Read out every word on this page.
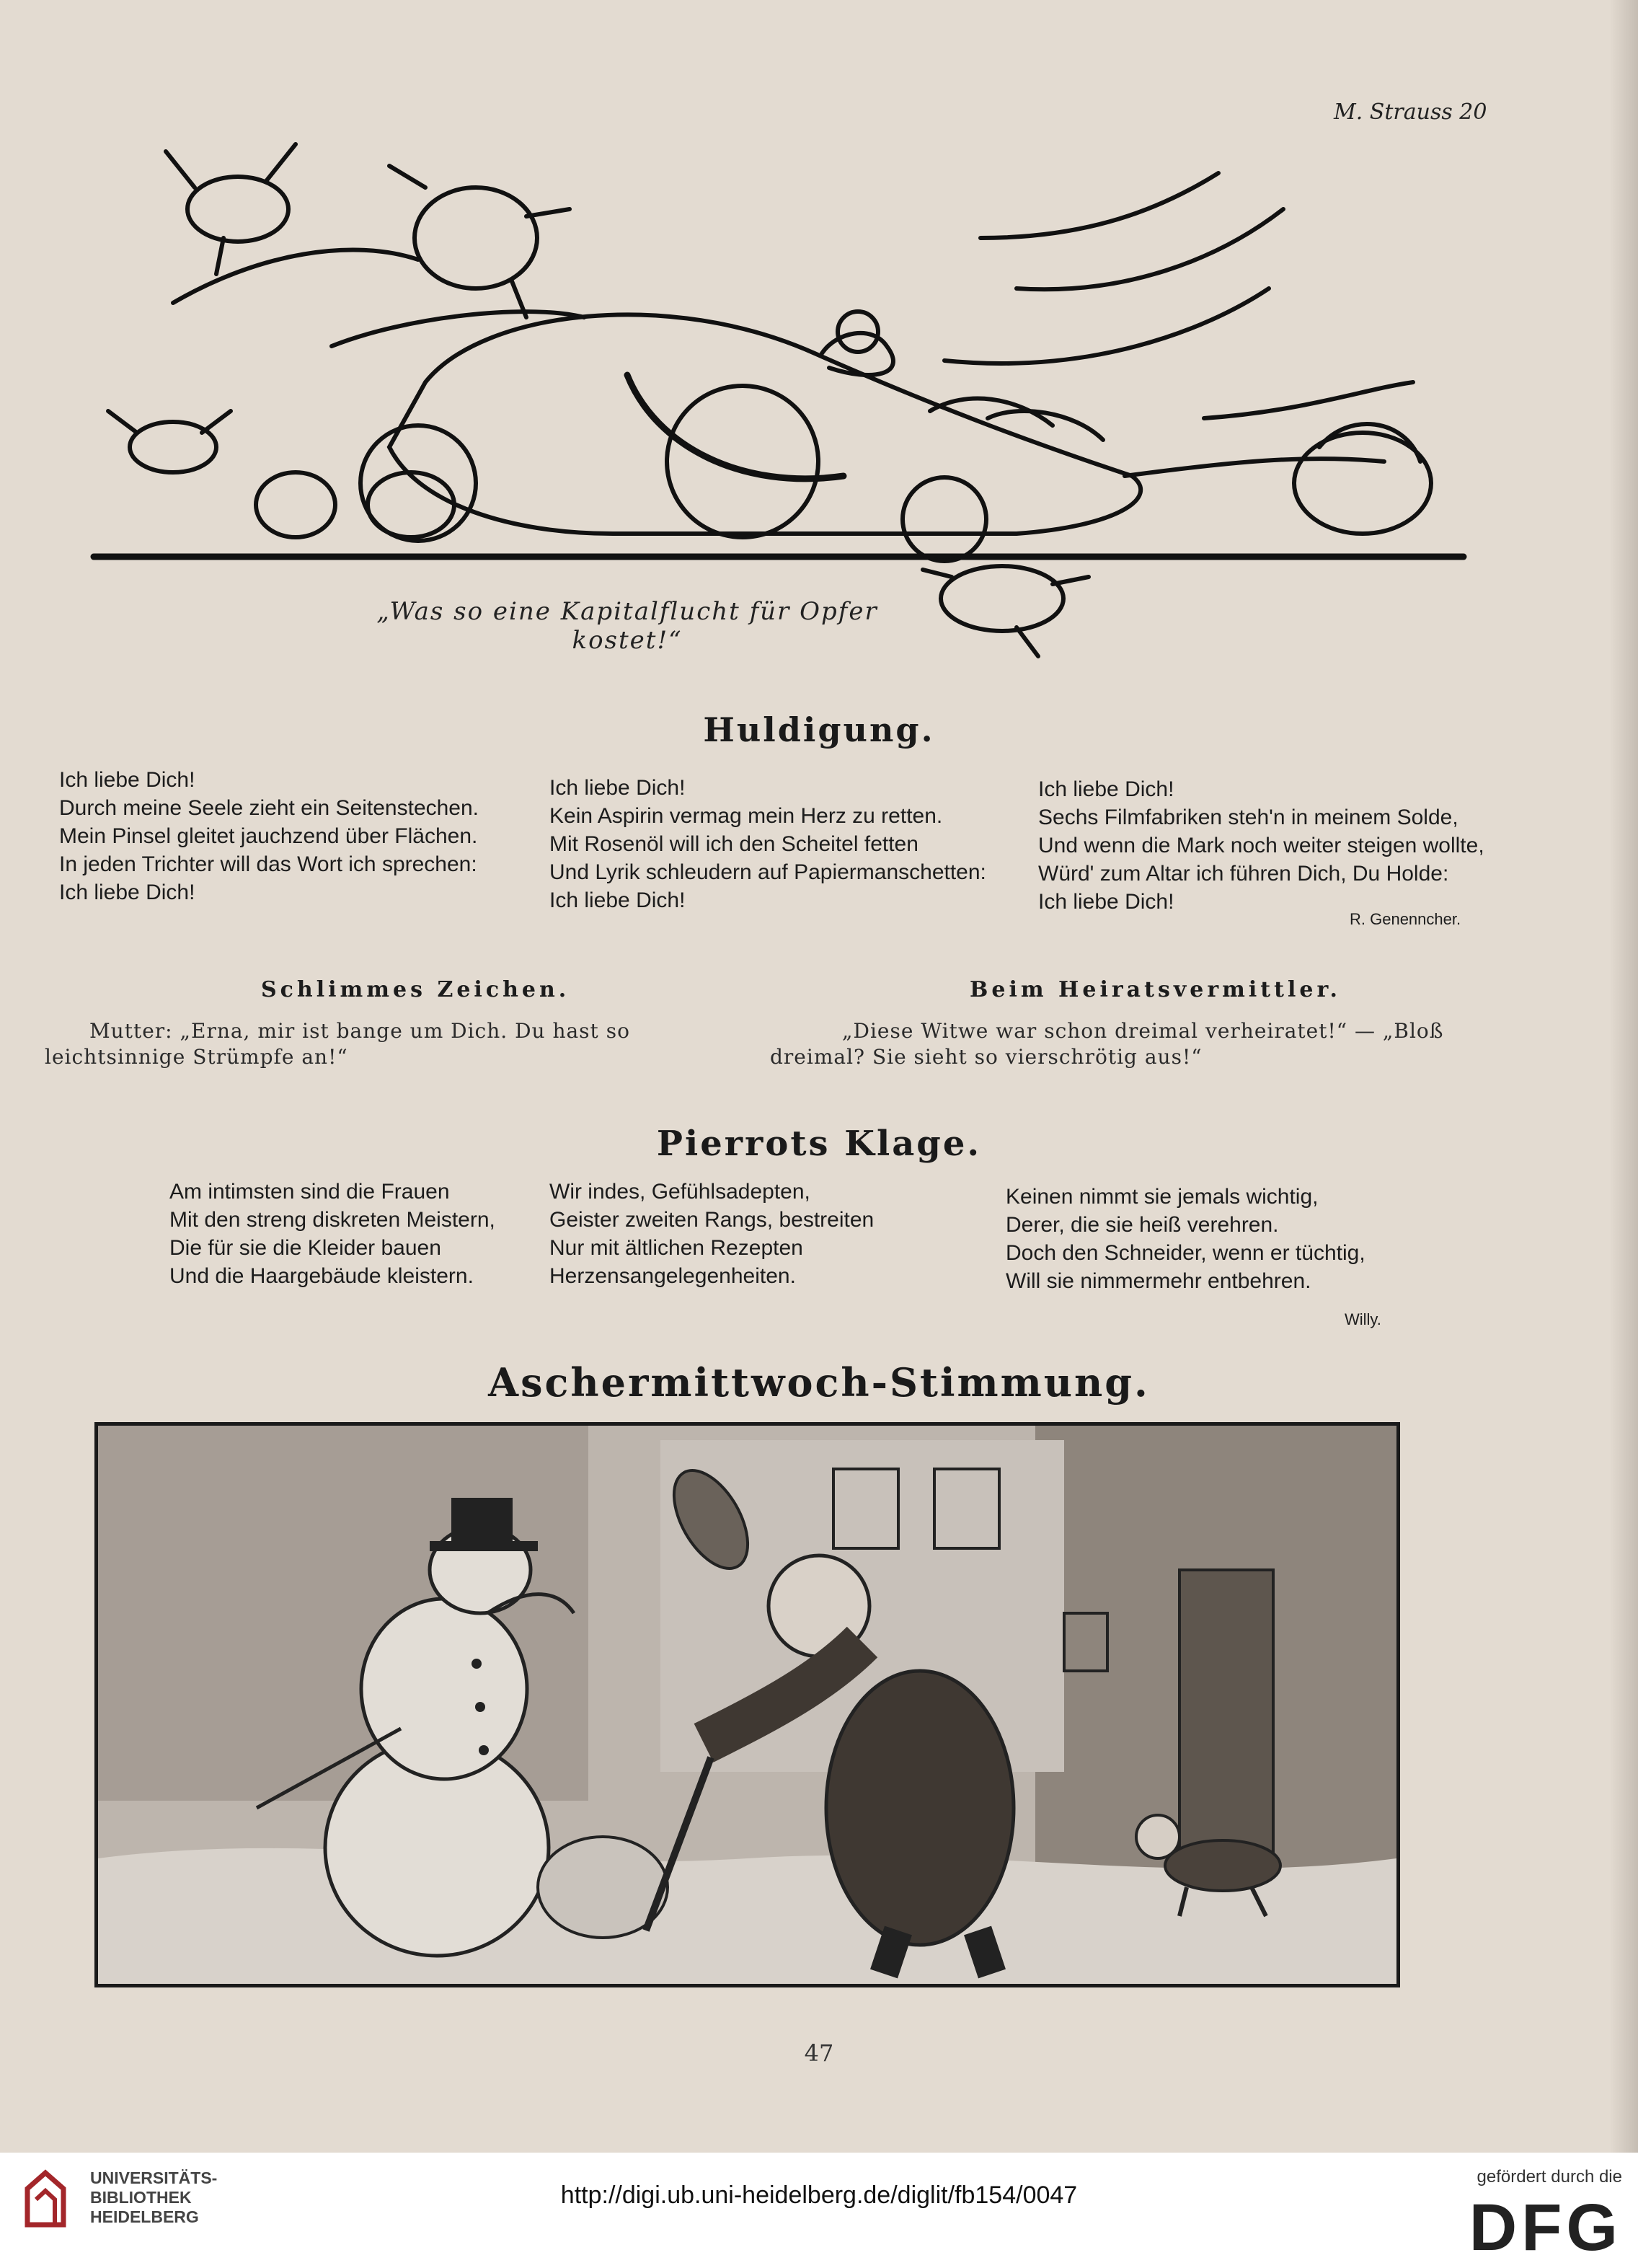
M. Strauss 20
„Was so eine Kapitalflucht für Opfer kostet!“
Huldigung.
Ich liebe Dich!
Durch meine Seele zieht ein Seitenstechen.
Mein Pinsel gleitet jauchzend über Flächen.
In jeden Trichter will das Wort ich sprechen:
Ich liebe Dich!
Ich liebe Dich!
Kein Aspirin vermag mein Herz zu retten.
Mit Rosenöl will ich den Scheitel fetten
Und Lyrik schleudern auf Papiermanschetten:
Ich liebe Dich!
Ich liebe Dich!
Sechs Filmfabriken steh'n in meinem Solde,
Und wenn die Mark noch weiter steigen wollte,
Würd' zum Altar ich führen Dich, Du Holde:
Ich liebe Dich!
R. Genenncher.
Schlimmes Zeichen.	Beim Heiratsvermittler.
Mutter: „Erna, mir ist bange um Dich. Du hast so leichtsinnige Strümpfe an!“
„Diese Witwe war schon dreimal verheiratet!“ — „Bloß dreimal? Sie sieht so vierschrötig aus!“
Pierrots Klage.
Am intimsten sind die Frauen
Mit den streng diskreten Meistern,
Die für sie die Kleider bauen
Und die Haargebäude kleistern.
Wir indes, Gefühlsadepten,
Geister zweiten Rangs, bestreiten
Nur mit ältlichen Rezepten
Herzensangelegenheiten.
Keinen nimmt sie jemals wichtig,
Derer, die sie heiß verehren.
Doch den Schneider, wenn er tüchtig,
Will sie nimmermehr entbehren.
Willy.
Aschermittwoch-Stimmung.
47
UNIVERSITÄTS-
BIBLIOTHEK
HEIDELBERG
http://digi.ub.uni-heidelberg.de/diglit/fb154/0047
gefördert durch die
DFG
